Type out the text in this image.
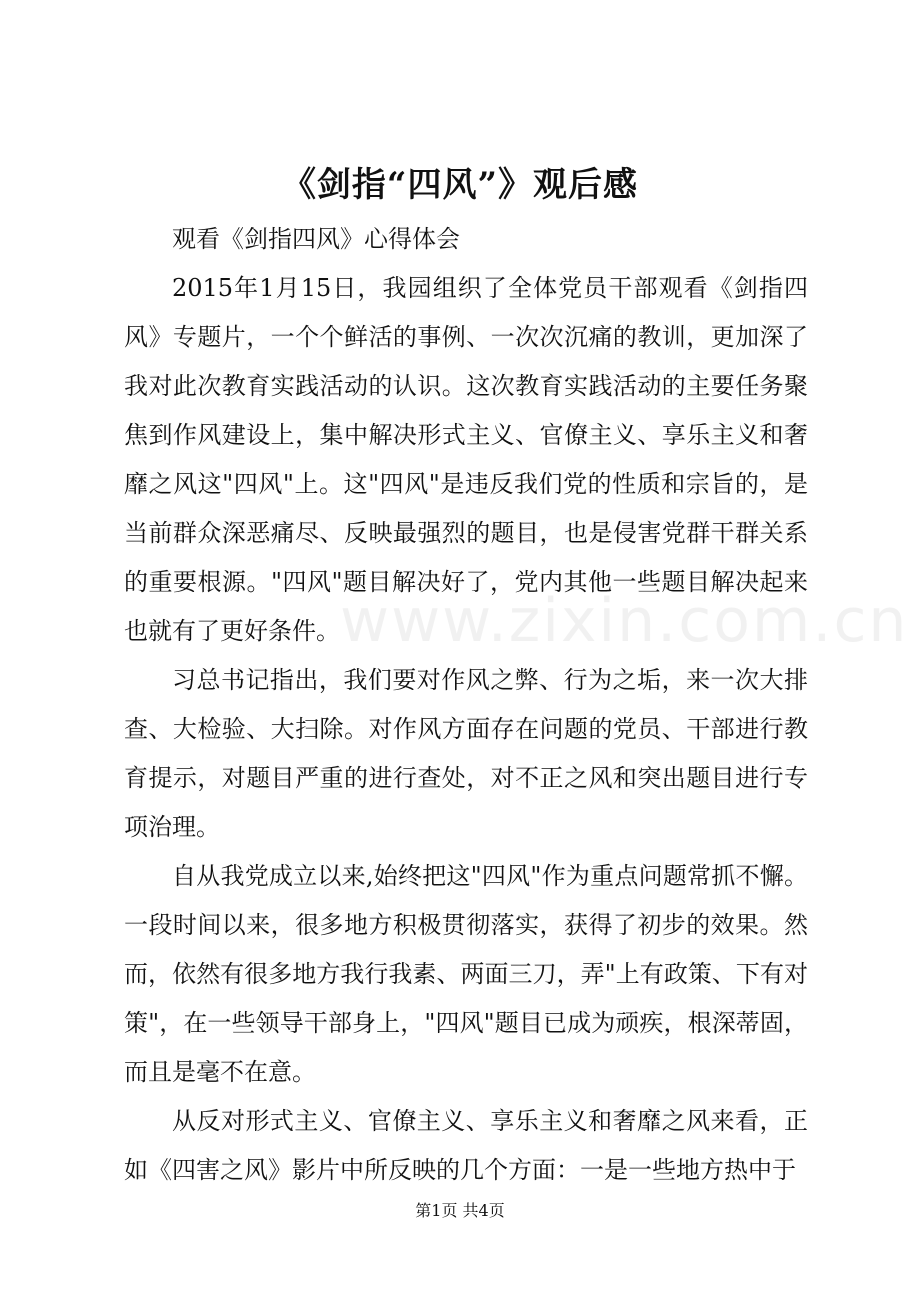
《剑指“四风”》观后感
www.zixin.com.cn

观看《剑指四风》心得体会

2015年1月15日，我园组织了全体党员干部观看《剑指四风》专题片，一个个鲜活的事例、一次次沉痛的教训，更加深了我对此次教育实践活动的认识。这次教育实践活动的主要任务聚焦到作风建设上，集中解决形式主义、官僚主义、享乐主义和奢靡之风这"四风"上。这"四风"是违反我们党的性质和宗旨的，是当前群众深恶痛尽、反映最强烈的题目，也是侵害党群干群关系的重要根源。"四风"题目解决好了，党内其他一些题目解决起来也就有了更好条件。

习总书记指出，我们要对作风之弊、行为之垢，来一次大排查、大检验、大扫除。对作风方面存在问题的党员、干部进行教育提示，对题目严重的进行查处，对不正之风和突出题目进行专项治理。

自从我党成立以来,始终把这"四风"作为重点问题常抓不懈。一段时间以来，很多地方积极贯彻落实，获得了初步的效果。然而，依然有很多地方我行我素、两面三刀，弄"上有政策、下有对策"，在一些领导干部身上，"四风"题目已成为顽疾，根深蒂固，而且是毫不在意。

从反对形式主义、官僚主义、享乐主义和奢靡之风来看，正如《四害之风》影片中所反映的几个方面：一是一些地方热中于

第1页 共4页
